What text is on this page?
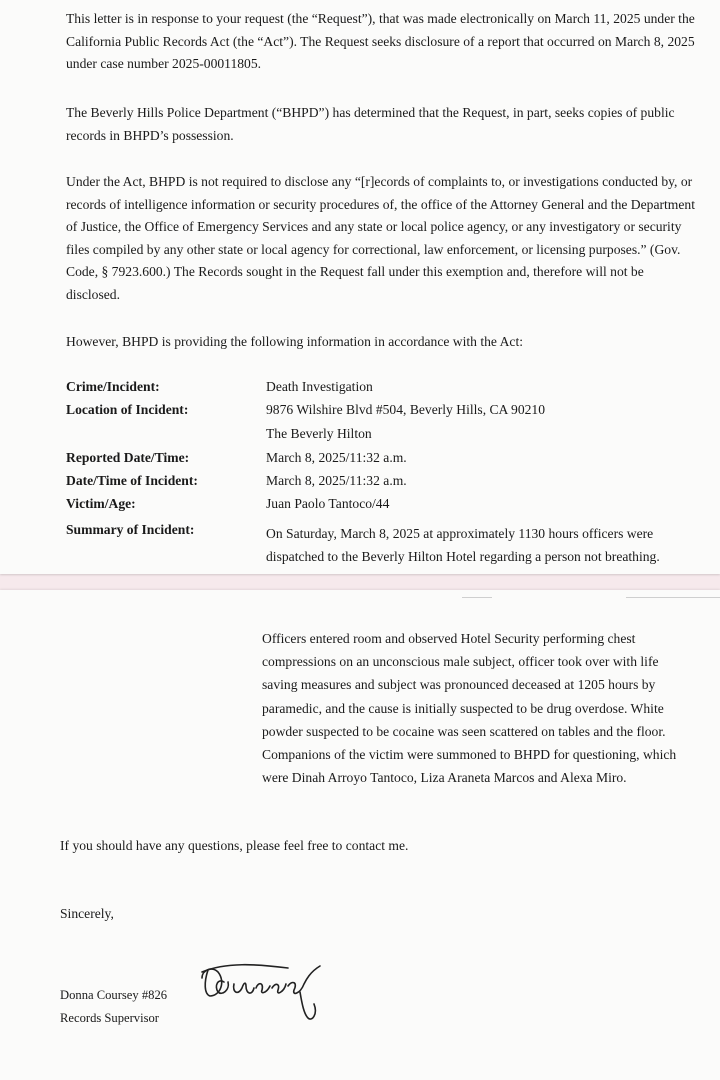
This letter is in response to your request (the “Request”), that was made electronically on March 11, 2025 under the California Public Records Act (the “Act”). The Request seeks disclosure of a report that occurred on March 8, 2025 under case number 2025-00011805.

The Beverly Hills Police Department (“BHPD”) has determined that the Request, in part, seeks copies of public records in BHPD’s possession.

Under the Act, BHPD is not required to disclose any “[r]ecords of complaints to, or investigations conducted by, or records of intelligence information or security procedures of, the office of the Attorney General and the Department of Justice, the Office of Emergency Services and any state or local police agency, or any investigatory or security files compiled by any other state or local agency for correctional, law enforcement, or licensing purposes.” (Gov. Code, § 7923.600.) The Records sought in the Request fall under this exemption and, therefore will not be disclosed.

However, BHPD is providing the following information in accordance with the Act:

Crime/Incident:	Death Investigation
Location of Incident:	9876 Wilshire Blvd #504, Beverly Hills, CA 90210
The Beverly Hilton
Reported Date/Time:	March 8, 2025/11:32 a.m.
Date/Time of Incident:	March 8, 2025/11:32 a.m.
Victim/Age:	Juan Paolo Tantoco/44
Summary of Incident:	On Saturday, March 8, 2025 at approximately 1130 hours officers were
dispatched to the Beverly Hilton Hotel regarding a person not breathing.
Officers entered room and observed Hotel Security performing chest
compressions on an unconscious male subject, officer took over with life
saving measures and subject was pronounced deceased at 1205 hours by
paramedic, and the cause is initially suspected to be drug overdose. White
powder suspected to be cocaine was seen scattered on tables and the floor.
Companions of the victim were summoned to BHPD for questioning, which
were Dinah Arroyo Tantoco, Liza Araneta Marcos and Alexa Miro.

If you should have any questions, please feel free to contact me.

Sincerely,

Donna Coursey #826
Records Supervisor
